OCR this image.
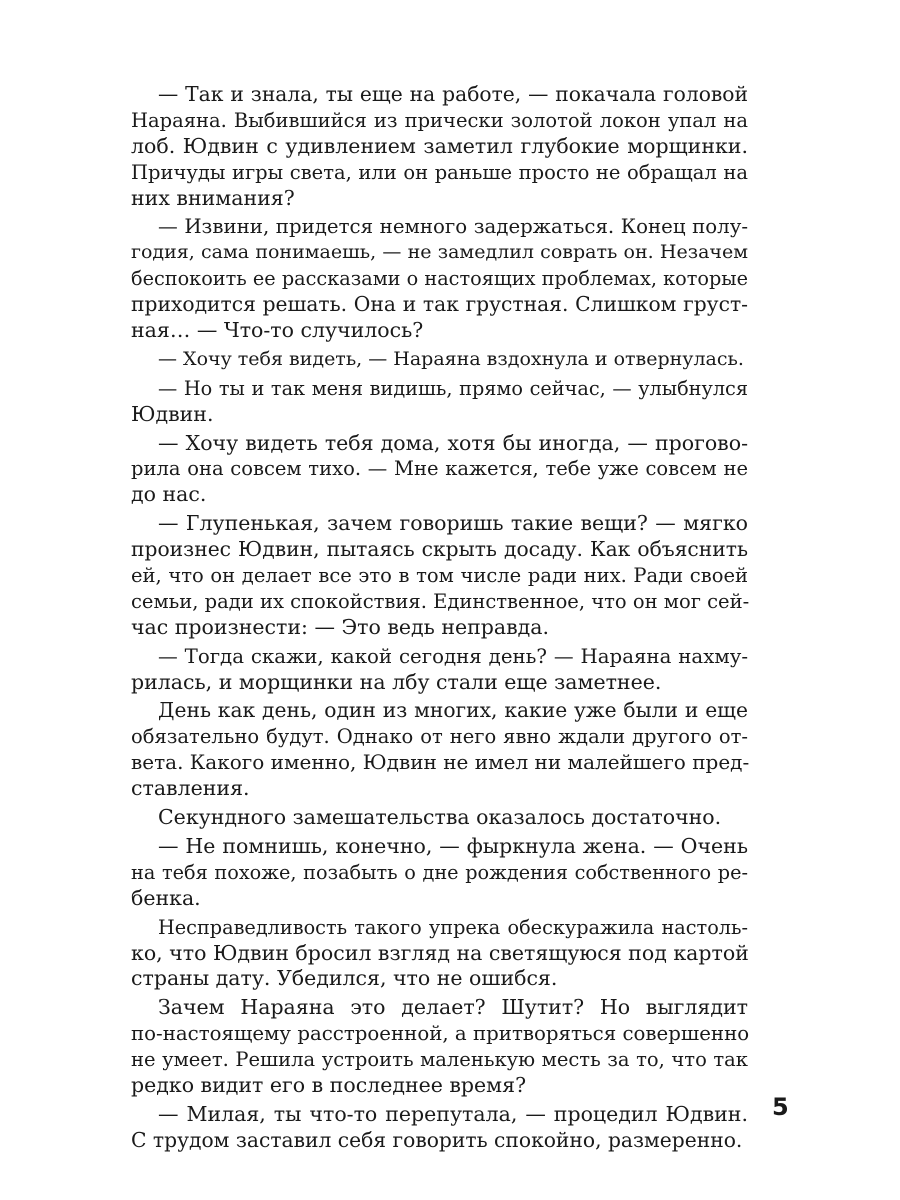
— Так и знала, ты еще на работе, — покачала головой
Нараяна. Выбившийся из прически золотой локон упал на
лоб. Юдвин с удивлением заметил глубокие морщинки.
Причуды игры света, или он раньше просто не обращал на
них внимания?
— Извини, придется немного задержаться. Конец полу-
годия, сама понимаешь, — не замедлил соврать он. Незачем
беспокоить ее рассказами о настоящих проблемах, которые
приходится решать. Она и так грустная. Слишком груст-
ная… — Что-то случилось?
— Хочу тебя видеть, — Нараяна вздохнула и отвернулась.
— Но ты и так меня видишь, прямо сейчас, — улыбнулся
Юдвин.
— Хочу видеть тебя дома, хотя бы иногда, — прогово-
рила она совсем тихо. — Мне кажется, тебе уже совсем не
до нас.
— Глупенькая, зачем говоришь такие вещи? — мягко
произнес Юдвин, пытаясь скрыть досаду. Как объяснить
ей, что он делает все это в том числе ради них. Ради своей
семьи, ради их спокойствия. Единственное, что он мог сей-
час произнести: — Это ведь неправда.
— Тогда скажи, какой сегодня день? — Нараяна нахму-
рилась, и морщинки на лбу стали еще заметнее.
День как день, один из многих, какие уже были и еще
обязательно будут. Однако от него явно ждали другого от-
вета. Какого именно, Юдвин не имел ни малейшего пред-
ставления.
Секундного замешательства оказалось достаточно.
— Не помнишь, конечно, — фыркнула жена. — Очень
на тебя похоже, позабыть о дне рождения собственного ре-
бенка.
Несправедливость такого упрека обескуражила настоль-
ко, что Юдвин бросил взгляд на светящуюся под картой
страны дату. Убедился, что не ошибся.
Зачем Нараяна это делает? Шутит? Но выглядит
по-настоящему расстроенной, а притворяться совершенно
не умеет. Решила устроить маленькую месть за то, что так
редко видит его в последнее время?
— Милая, ты что-то перепутала, — процедил Юдвин.
С трудом заставил себя говорить спокойно, размеренно.
5
